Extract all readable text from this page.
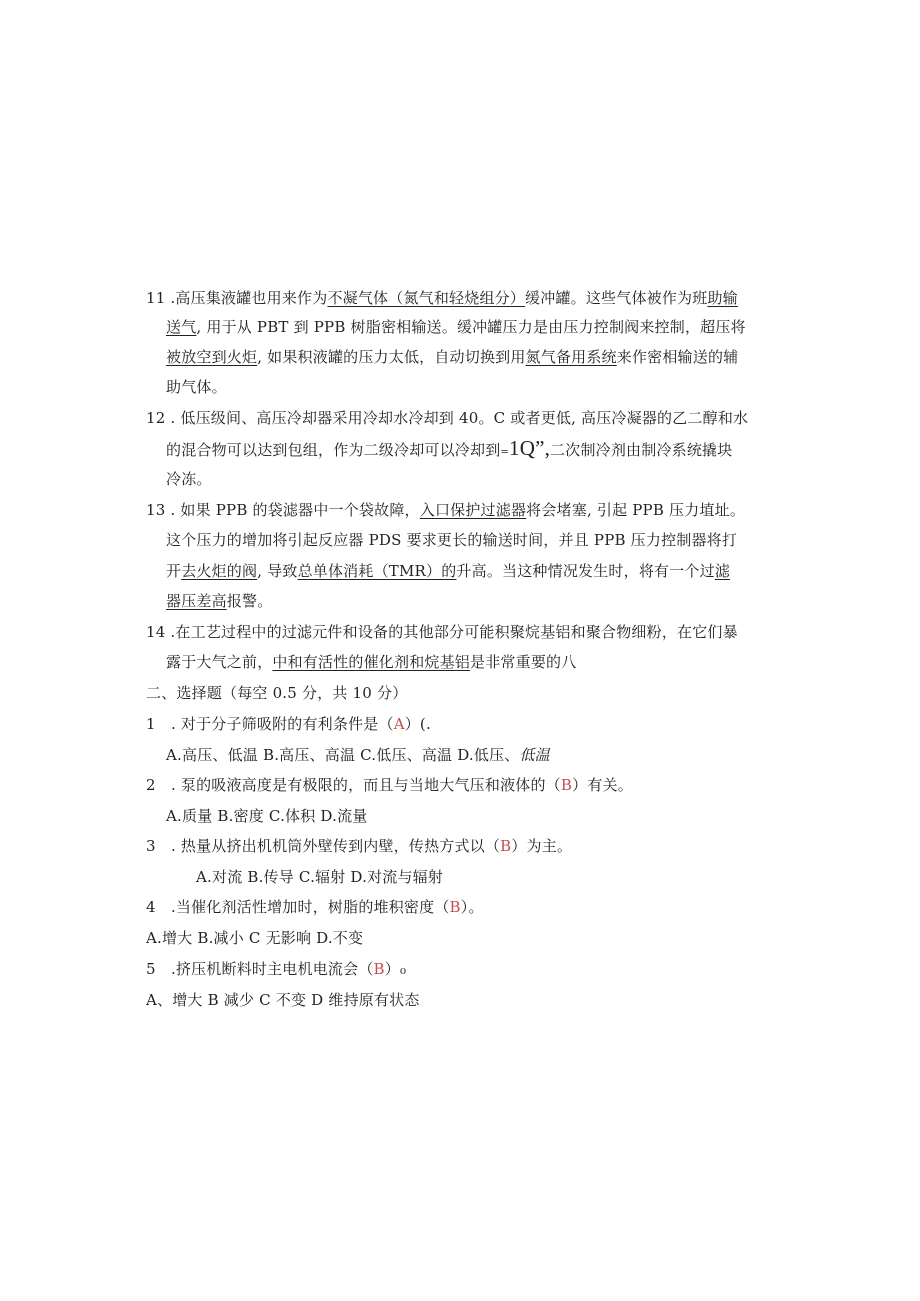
11 .高压集液罐也用来作为不凝气体（氮气和轻烧组分）缓冲罐。这些气体被作为班助输
送气, 用于从 PBT 到 PPB 树脂密相输送。缓冲罐压力是由压力控制阀来控制，超压将
被放空到火炬, 如果积液罐的压力太低，自动切换到用氮气备用系统来作密相输送的辅
助气体。
12 . 低压级间、高压冷却器采用冷却水冷却到 40。C 或者更低, 高压冷凝器的乙二醇和水
的混合物可以达到包组，作为二级冷却可以冷却到=1Q”,二次制冷剂由制冷系统撬块
冷冻。
13 . 如果 PPB 的袋滤器中一个袋故障，入口保护过滤器将会堵塞, 引起 PPB 压力埴址。
这个压力的增加将引起反应器 PDS 要求更长的输送时间，并且 PPB 压力控制器将打
开去火炬的阀, 导致总单体消耗（TMR）的升高。当这种情况发生时，将有一个过滤
器压差高报警。
14 .在工艺过程中的过滤元件和设备的其他部分可能积聚烷基铝和聚合物细粉，在它们暴
露于大气之前，中和有活性的催化剂和烷基铝是非常重要的八
二、选择题（每空 0.5 分，共 10 分）
1　. 对于分子筛吸附的有利条件是（A）(.
A.高压、低温 B.高压、高温 C.低压、高温 D.低压、低温
2　. 泵的吸液高度是有极限的，而且与当地大气压和液体的（B）有关。
A.质量 B.密度 C.体积 D.流量
3　. 热量从挤出机机筒外壁传到内壁，传热方式以（B）为主。
A.对流 B.传导 C.辐射 D.对流与辐射
4　.当催化剂活性增加时，树脂的堆积密度（B）。
A.增大 B.减小 C 无影响 D.不变
5　.挤压机断料时主电机电流会（B）₀
A、增大 B 减少 C 不变 D 维持原有状态
